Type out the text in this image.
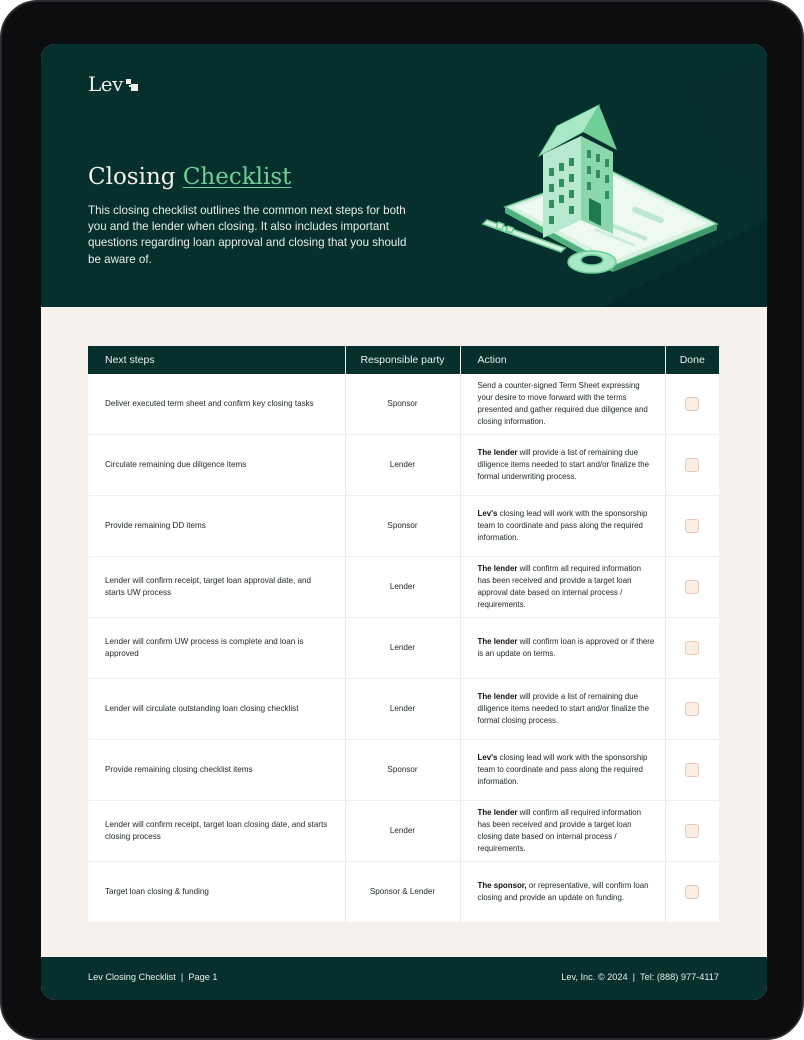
Lev
Closing Checklist

This closing checklist outlines the common next steps for both you and the lender when closing. It also includes important questions regarding loan approval and closing that you should be aware of.

Next steps	Responsible party	Action	Done
Deliver executed term sheet and confirm key closing tasks	Sponsor	Send a counter-signed Term Sheet expressing your desire to move forward with the terms presented and gather required due diligence and closing information.	
Circulate remaining due diligence items	Lender	The lender will provide a list of remaining due diligence items needed to start and/or finalize the formal underwriting process.	
Provide remaining DD items	Sponsor	Lev's closing lead will work with the sponsorship team to coordinate and pass along the required information.	
Lender will confirm receipt, target loan approval date, and starts UW process	Lender	The lender will confirm all required information has been received and provide a target loan approval date based on internal process / requirements.	
Lender will confirm UW process is complete and loan is approved	Lender	The lender will confirm loan is approved or if there is an update on terms.	
Lender will circulate outstanding loan closing checklist	Lender	The lender will provide a list of remaining due diligence items needed to start and/or finalize the formal closing process.	
Provide remaining closing checklist items	Sponsor	Lev's closing lead will work with the sponsorship team to coordinate and pass along the required information.	
Lender will confirm receipt, target loan closing date, and starts closing process	Lender	The lender will confirm all required information has been received and provide a target loan closing date based on internal process / requirements.	
Target loan closing & funding	Sponsor & Lender	The sponsor, or representative, will confirm loan closing and provide an update on funding.	
Lev Closing Checklist  |  Page 1	Lev, Inc. © 2024  |  Tel: (888) 977-4117
